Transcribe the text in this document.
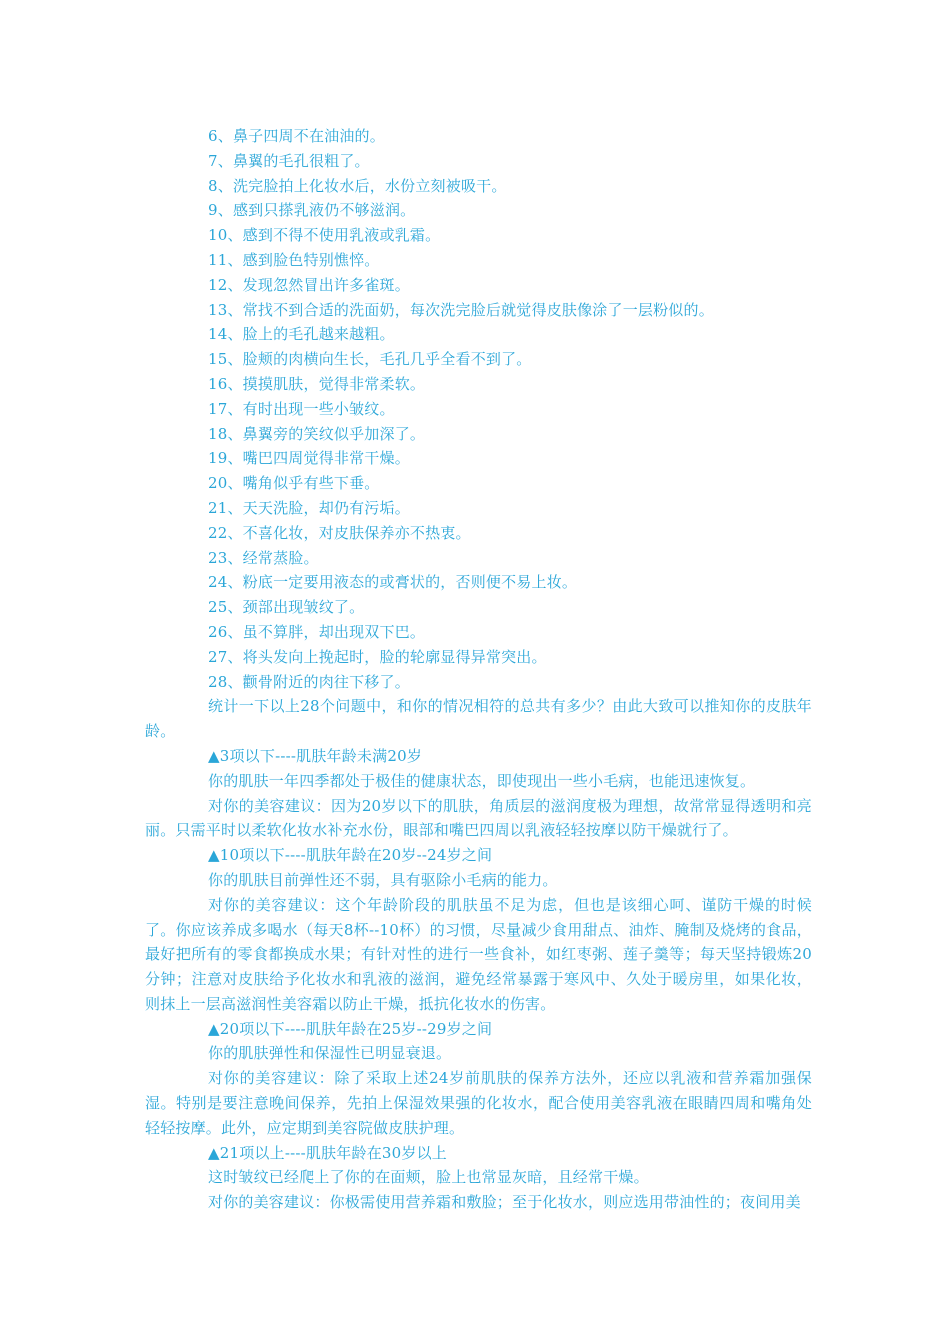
6、鼻子四周不在油油的。

7、鼻翼的毛孔很粗了。

8、洗完脸拍上化妆水后，水份立刻被吸干。

9、感到只搽乳液仍不够滋润。

10、感到不得不使用乳液或乳霜。

11、感到脸色特别憔悴。

12、发现忽然冒出许多雀斑。

13、常找不到合适的洗面奶，每次洗完脸后就觉得皮肤像涂了一层粉似的。

14、脸上的毛孔越来越粗。

15、脸颊的肉横向生长，毛孔几乎全看不到了。

16、摸摸肌肤，觉得非常柔软。

17、有时出现一些小皱纹。

18、鼻翼旁的笑纹似乎加深了。

19、嘴巴四周觉得非常干燥。

20、嘴角似乎有些下垂。

21、天天洗脸，却仍有污垢。

22、不喜化妆，对皮肤保养亦不热衷。

23、经常蒸脸。

24、粉底一定要用液态的或膏状的，否则便不易上妆。

25、颈部出现皱纹了。

26、虽不算胖，却出现双下巴。

27、将头发向上挽起时，脸的轮廓显得异常突出。

28、颧骨附近的肉往下移了。

统计一下以上28个问题中，和你的情况相符的总共有多少？由此大致可以推知你的皮肤年龄。

▲3项以下----肌肤年龄未满20岁

你的肌肤一年四季都处于极佳的健康状态，即使现出一些小毛病，也能迅速恢复。

对你的美容建议：因为20岁以下的肌肤，角质层的滋润度极为理想，故常常显得透明和亮丽。只需平时以柔软化妆水补充水份，眼部和嘴巴四周以乳液轻轻按摩以防干燥就行了。

▲10项以下----肌肤年龄在20岁--24岁之间

你的肌肤目前弹性还不弱，具有驱除小毛病的能力。

对你的美容建议：这个年龄阶段的肌肤虽不足为虑，但也是该细心呵、谨防干燥的时候了。你应该养成多喝水（每天8杯--10杯）的习惯，尽量减少食用甜点、油炸、腌制及烧烤的食品，最好把所有的零食都换成水果；有针对性的进行一些食补，如红枣粥、莲子羹等；每天坚持锻炼20分钟；注意对皮肤给予化妆水和乳液的滋润，避免经常暴露于寒风中、久处于暖房里，如果化妆，则抹上一层高滋润性美容霜以防止干燥，抵抗化妆水的伤害。

▲20项以下----肌肤年龄在25岁--29岁之间

你的肌肤弹性和保湿性已明显衰退。

对你的美容建议：除了采取上述24岁前肌肤的保养方法外，还应以乳液和营养霜加强保湿。特别是要注意晚间保养，先拍上保湿效果强的化妆水，配合使用美容乳液在眼睛四周和嘴角处轻轻按摩。此外，应定期到美容院做皮肤护理。

▲21项以上----肌肤年龄在30岁以上

这时皱纹已经爬上了你的在面颊，脸上也常显灰暗，且经常干燥。

对你的美容建议：你极需使用营养霜和敷脸；至于化妆水，则应选用带油性的；夜间用美
